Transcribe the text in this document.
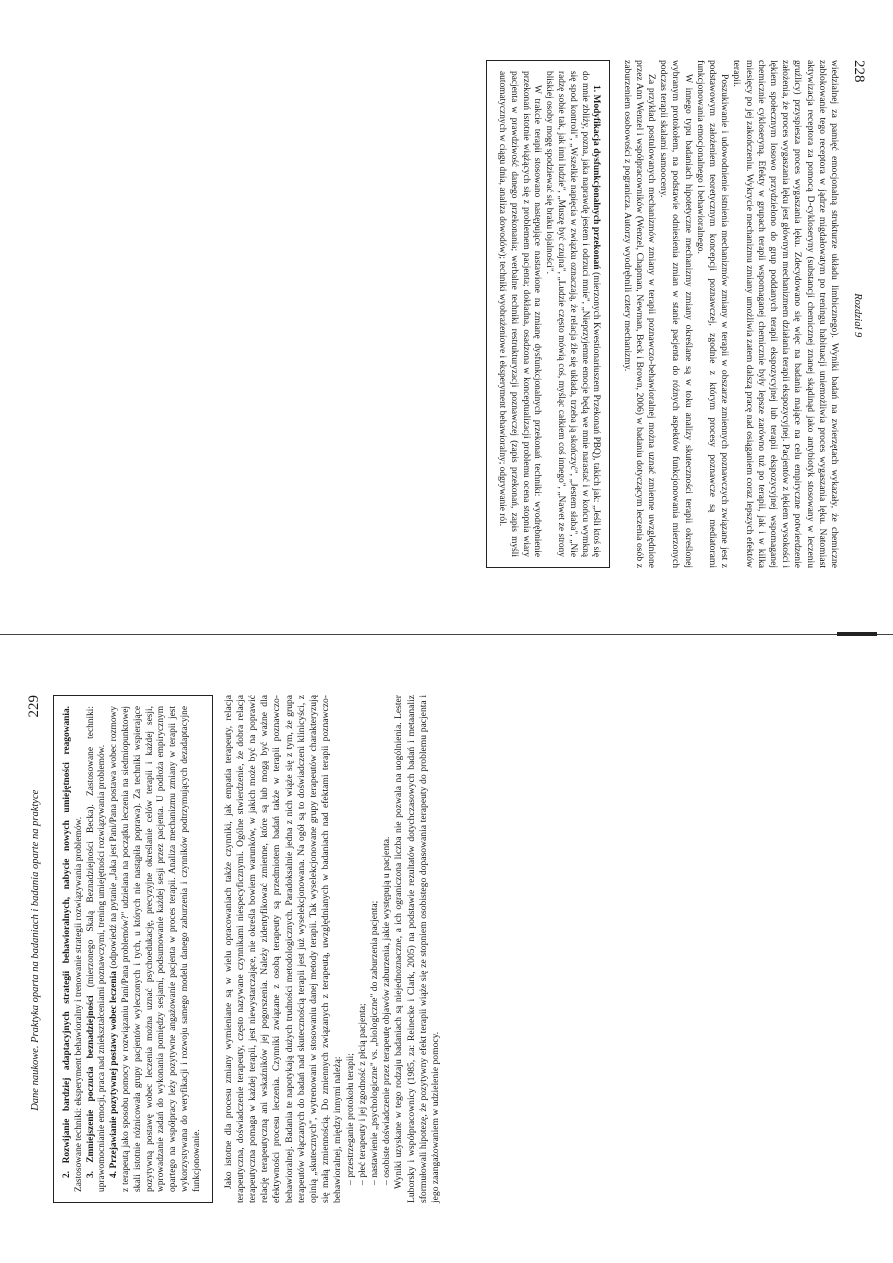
228
Rozdział 9

wiedzialnej za pamięć emocjonalną strukturze układu limbicznego). Wyniki badań na zwierzętach wykazały, że chemiczne zablokowanie tego receptora w jądrze migdałowatym po treningu habituacji uniemożliwia proces wygaszania lęku. Natomiast aktywizacja receptora za pomocą D-cykloseryny (substancji chemicznej znanej skądinąd jako antybiotyk stosowany w leczeniu gruźlicy) przyspiesza proces wygaszania lęku. Zdecydowano się więc na badania mające na celu empiryczne potwierdzenie założenia, że proces wygaszania lęku jest głównym mechanizmem działania terapii ekspozycyjnej. Pacjentów z lękiem wysokości i lękiem społecznym losowo przydzielono do grup poddanych terapii ekspozycyjnej lub terapii ekspozycyjnej wspomaganej chemicznie cykloseryną. Efekty w grupach terapii wspomaganej chemicznie były lepsze zarówno tuż po terapii, jak i w kilka miesięcy po jej zakończeniu. Wykrycie mechanizmu zmiany umożliwia zatem dalszą pracę nad osiąganiem coraz lepszych efektów terapii.

Poszukiwanie i udowodnienie istnienia mechanizmów zmiany w terapii w obszarze zmiennych poznawczych związane jest z podstawowym założeniem teoretycznym koncepcji poznawczej, zgodnie z którym procesy poznawcze są mediatorami funkcjonowania emocjonalnego i behawioralnego.

W innego typu badaniach hipotetyczne mechanizmy zmiany określane są w toku analizy skuteczności terapii określonej wybranym protokołem, na podstawie odniesienia zmian w stanie pacjenta do różnych aspektów funkcjonowania mierzonych podczas terapii skalami samooceny.

Za przykład postulowanych mechanizmów zmiany w terapii poznawczo-behawioralnej można uznać zmienne uwzględnione przez Ann Wenzel i współpracowników (Wenzel, Chapman, Newman, Beck i Brown, 2006) w badaniu dotyczącym leczenia osób z zaburzeniem osobowości z pogranicza. Autorzy wyodrębnili cztery mechanizmy.

1. Modyfikacja dysfunkcjonalnych przekonań (mierzonych Kwestionariuszem Przekonań PBQ), takich jak: „Jeśli ktoś się do mnie zbliży, pozna, jaka naprawdę jestem i odrzuci mnie", „Nieprzyjemne emocje będą we mnie narastać i w końcu wymkną się spod kontroli", „Wszelkie napięcia w związku oznaczają, że relacja źle się układa, trzeba ją skończyć", „Jestem słaba", „Nie radzę sobie tak, jak inni ludzie", „Muszę być czujna", „Ludzie często mówią coś, myśląc całkiem coś innego", „Nawet ze strony bliskiej osoby mogę spodziewać się braku lojalności".

W trakcie terapii stosowano następujące nastawione na zmianę dysfunkcjonalnych przekonań techniki: wyodrębnienie przekonań istotnie wiążących się z problemem pacjenta; dokładna, osadzona w konceptualizacji problemu ocena stopnia wiary pacjenta w prawdziwość danego przekonania; werbalne techniki restrukturyzacji poznawczej (zapis przekonań, zapis myśli automatycznych w ciągu dnia, analiza dowodów); techniki wyobrażeniowe i eksperyment behawioralny; odgrywanie ról.

Dane naukowe. Praktyka oparta na badaniach i badania oparte na praktyce
229 2. Rozwijanie bardziej adaptacyjnych strategii behawioralnych, nabycie nowych umiejętności reagowania. Zastosowane techniki: eksperyment behawioralny i trenowanie strategii rozwiązywania problemów. 3. Zmniejszenie poczucia beznadziejności (mierzonego Skalą Beznadziejności Becka). Zastosowane techniki: uprawomocnianie emocji, praca nad zniekształceniami poznawczymi, trening umiejętności rozwiązywania problemów. 4. Przejawianie pozytywnej postawy wobec leczenia (odpowiedź na pytanie „Jaka jest Pani/Pana postawa wobec rozmowy z terapeutą jako sposobu pomocy w rozwiązaniu Pani/Pana problemów?" udzielana na początku leczenia na siedmiopunktowej skali istotnie różnicowała grupy pacjentów wyleczonych i tych, u których nie nastąpiła poprawa). Za techniki wspierające pozytywną postawę wobec leczenia można uznać psychoedukację, precyzyjne określanie celów terapii i każdej sesji, wprowadzanie zadań do wykonania pomiędzy sesjami, podsumowanie każdej sesji przez pacjenta. U podłoża empirycznym opartego na współpracy leży pozytywne angażowanie pacjenta w proces terapii. Analiza mechanizmu zmiany w terapii jest wykorzystywana do weryfikacji i rozwoju samego modelu danego zaburzenia i czynników podtrzymujących dezadaptacyjne funkcjonowanie. Jako istotne dla procesu zmiany wymieniane są w wielu opracowaniach także czynniki, jak empatia terapeuty, relacja terapeutyczna, doświadczenie terapeuty, często nazywane czynnikami niespecyficznymi. Ogólne stwierdzenie, że dobra relacja terapeutyczna pomaga w każdej terapii, jest niewystarczające, nie określa bowiem warunków, w jakich może być na poprawić relację terapeutyczną ani wskaźników jej pogorszenia. Należy zidentyfikować zmienne, które są lub mogą być ważne dla efektywności procesu leczenia. Czynniki związane z osobą terapeuty są przedmiotem badań także w terapii poznawczo-behawioralnej. Badania te napotykają dużych trudności metodologicznych. Paradoksalnie jedna z nich wiąże się z tym, że grupa terapeutów włączanych do badań nad skutecznością terapii jest już wyselekcjonowana. Na ogół są to doświadczeni klinicyści, z opinią „skutecznych", wytrenowani w stosowaniu danej metody terapii. Tak wyselekcjonowane grupy terapeutów charakteryzują się małą zmiennością. Do zmiennych związanych z terapeutą, uwzględnianych w badaniach nad efektami terapii poznawczo-behawioralnej, między innymi należą: – przestrzeganie protokołu terapii; – płeć terapeuty i jej zgodność z płcią pacjenta; – nastawienie „psychologiczne" vs. „biologiczne" do zaburzenia pacjenta; – osobiste doświadczenie przez terapeutę objawów zaburzenia, jakie występują u pacjenta. Wyniki uzyskane w tego rodzaju badaniach są niejednoznaczne, a ich ograniczona liczba nie pozwala na uogólnienia. Lester Luborsky i współpracownicy (1985, za: Reinecke i Clark, 2005) na podstawie rezultatów dotychczasowych badań i metaanaliz sformułowali hipotezę, że pozytywny efekt terapii wiąże się ze stopniem osobistego dopasowania terapeuty do problemu pacjenta i jego zaangażowaniem w udzielenie pomocy.
